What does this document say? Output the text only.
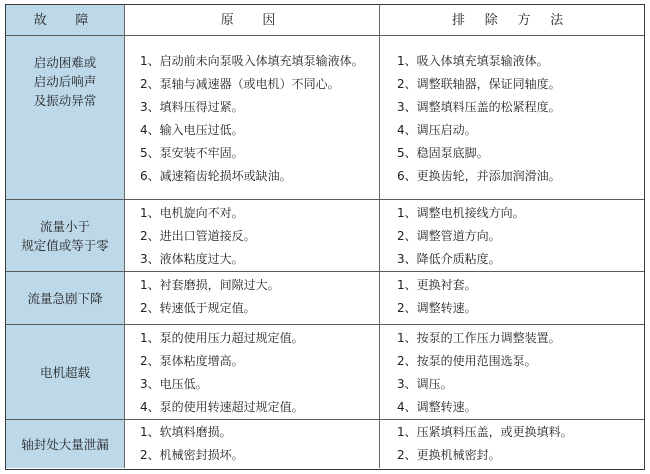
故　障	原　因	排 除 方 法
启动困难或
启动后响声
及振动异常
1、启动前未向泵吸入体填充填泵输液体。
2、泵轴与减速器（或电机）不同心。
3、填料压得过紧。
4、输入电压过低。
5、泵安装不牢固。
6、减速箱齿轮损坏或缺油。
1、吸入体填充填泵输液体。
2、调整联轴器，保证同轴度。
3、调整填料压盖的松紧程度。
4、调压启动。
5、稳固泵底脚。
6、更换齿轮，并添加润滑油。
流量小于
规定值或等于零
1、电机旋向不对。
2、进出口管道接反。
3、液体粘度过大。
1、调整电机接线方向。
2、调整管道方向。
3、降低介质粘度。
流量急剧下降
1、衬套磨损，间隙过大。
2、转速低于规定值。
1、更换衬套。
2、调整转速。
电机超载
1、泵的使用压力超过规定值。
2、泵体粘度增高。
3、电压低。
4、泵的使用转速超过规定值。
1、按泵的工作压力调整装置。
2、按泵的使用范围选泵。
3、调压。
4、调整转速。
轴封处大量泄漏
1、软填料磨损。
2、机械密封损坏。
1、压紧填料压盖，或更换填料。
2、更换机械密封。
